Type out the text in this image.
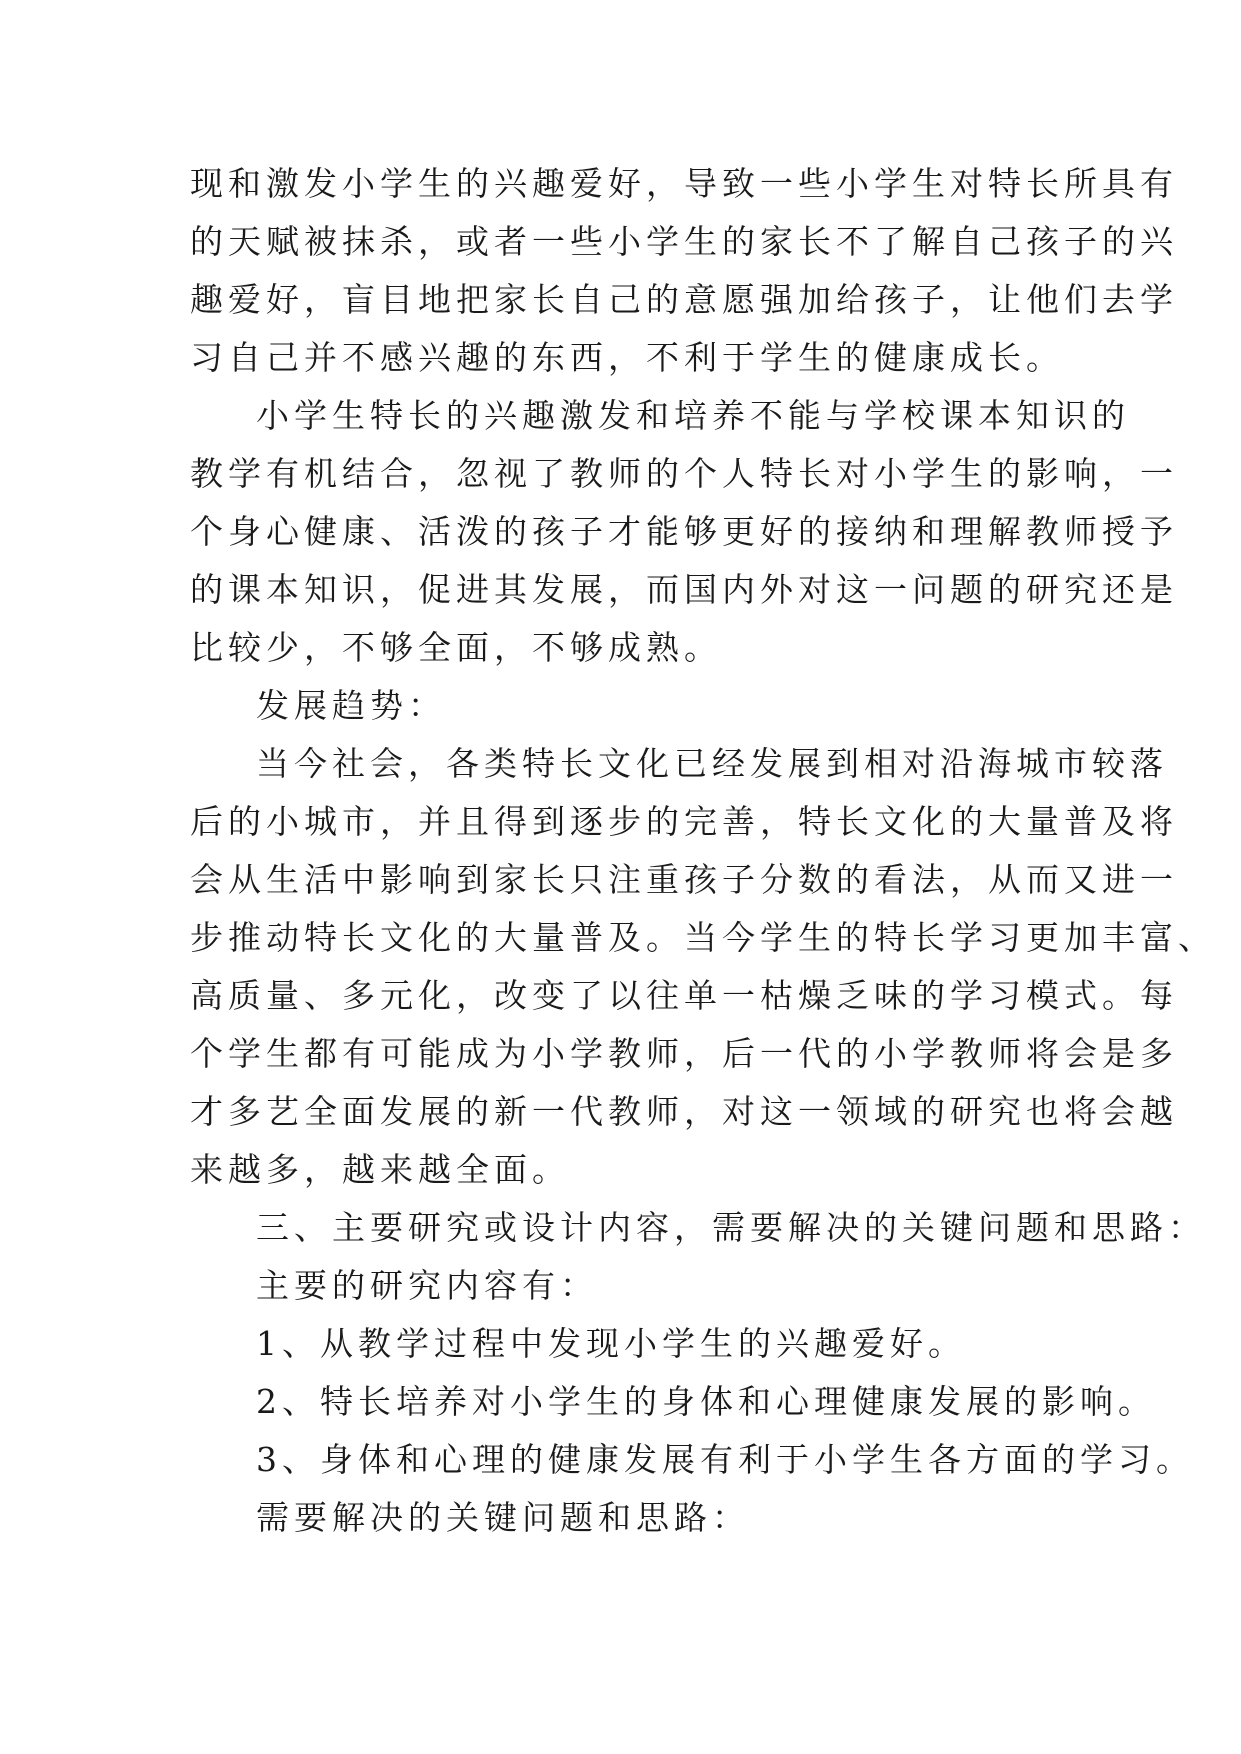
现和激发小学生的兴趣爱好，导致一些小学生对特长所具有
的天赋被抹杀，或者一些小学生的家长不了解自己孩子的兴
趣爱好，盲目地把家长自己的意愿强加给孩子，让他们去学
习自己并不感兴趣的东西，不利于学生的健康成长。

小学生特长的兴趣激发和培养不能与学校课本知识的
教学有机结合，忽视了教师的个人特长对小学生的影响，一
个身心健康、活泼的孩子才能够更好的接纳和理解教师授予
的课本知识，促进其发展，而国内外对这一问题的研究还是
比较少，不够全面，不够成熟。

发展趋势：

当今社会，各类特长文化已经发展到相对沿海城市较落
后的小城市，并且得到逐步的完善，特长文化的大量普及将
会从生活中影响到家长只注重孩子分数的看法，从而又进一
步推动特长文化的大量普及。当今学生的特长学习更加丰富、
高质量、多元化，改变了以往单一枯燥乏味的学习模式。每
个学生都有可能成为小学教师，后一代的小学教师将会是多
才多艺全面发展的新一代教师，对这一领域的研究也将会越
来越多，越来越全面。

三、主要研究或设计内容，需要解决的关键问题和思路：

主要的研究内容有：

1、从教学过程中发现小学生的兴趣爱好。

2、特长培养对小学生的身体和心理健康发展的影响。

3、身体和心理的健康发展有利于小学生各方面的学习。

需要解决的关键问题和思路：
